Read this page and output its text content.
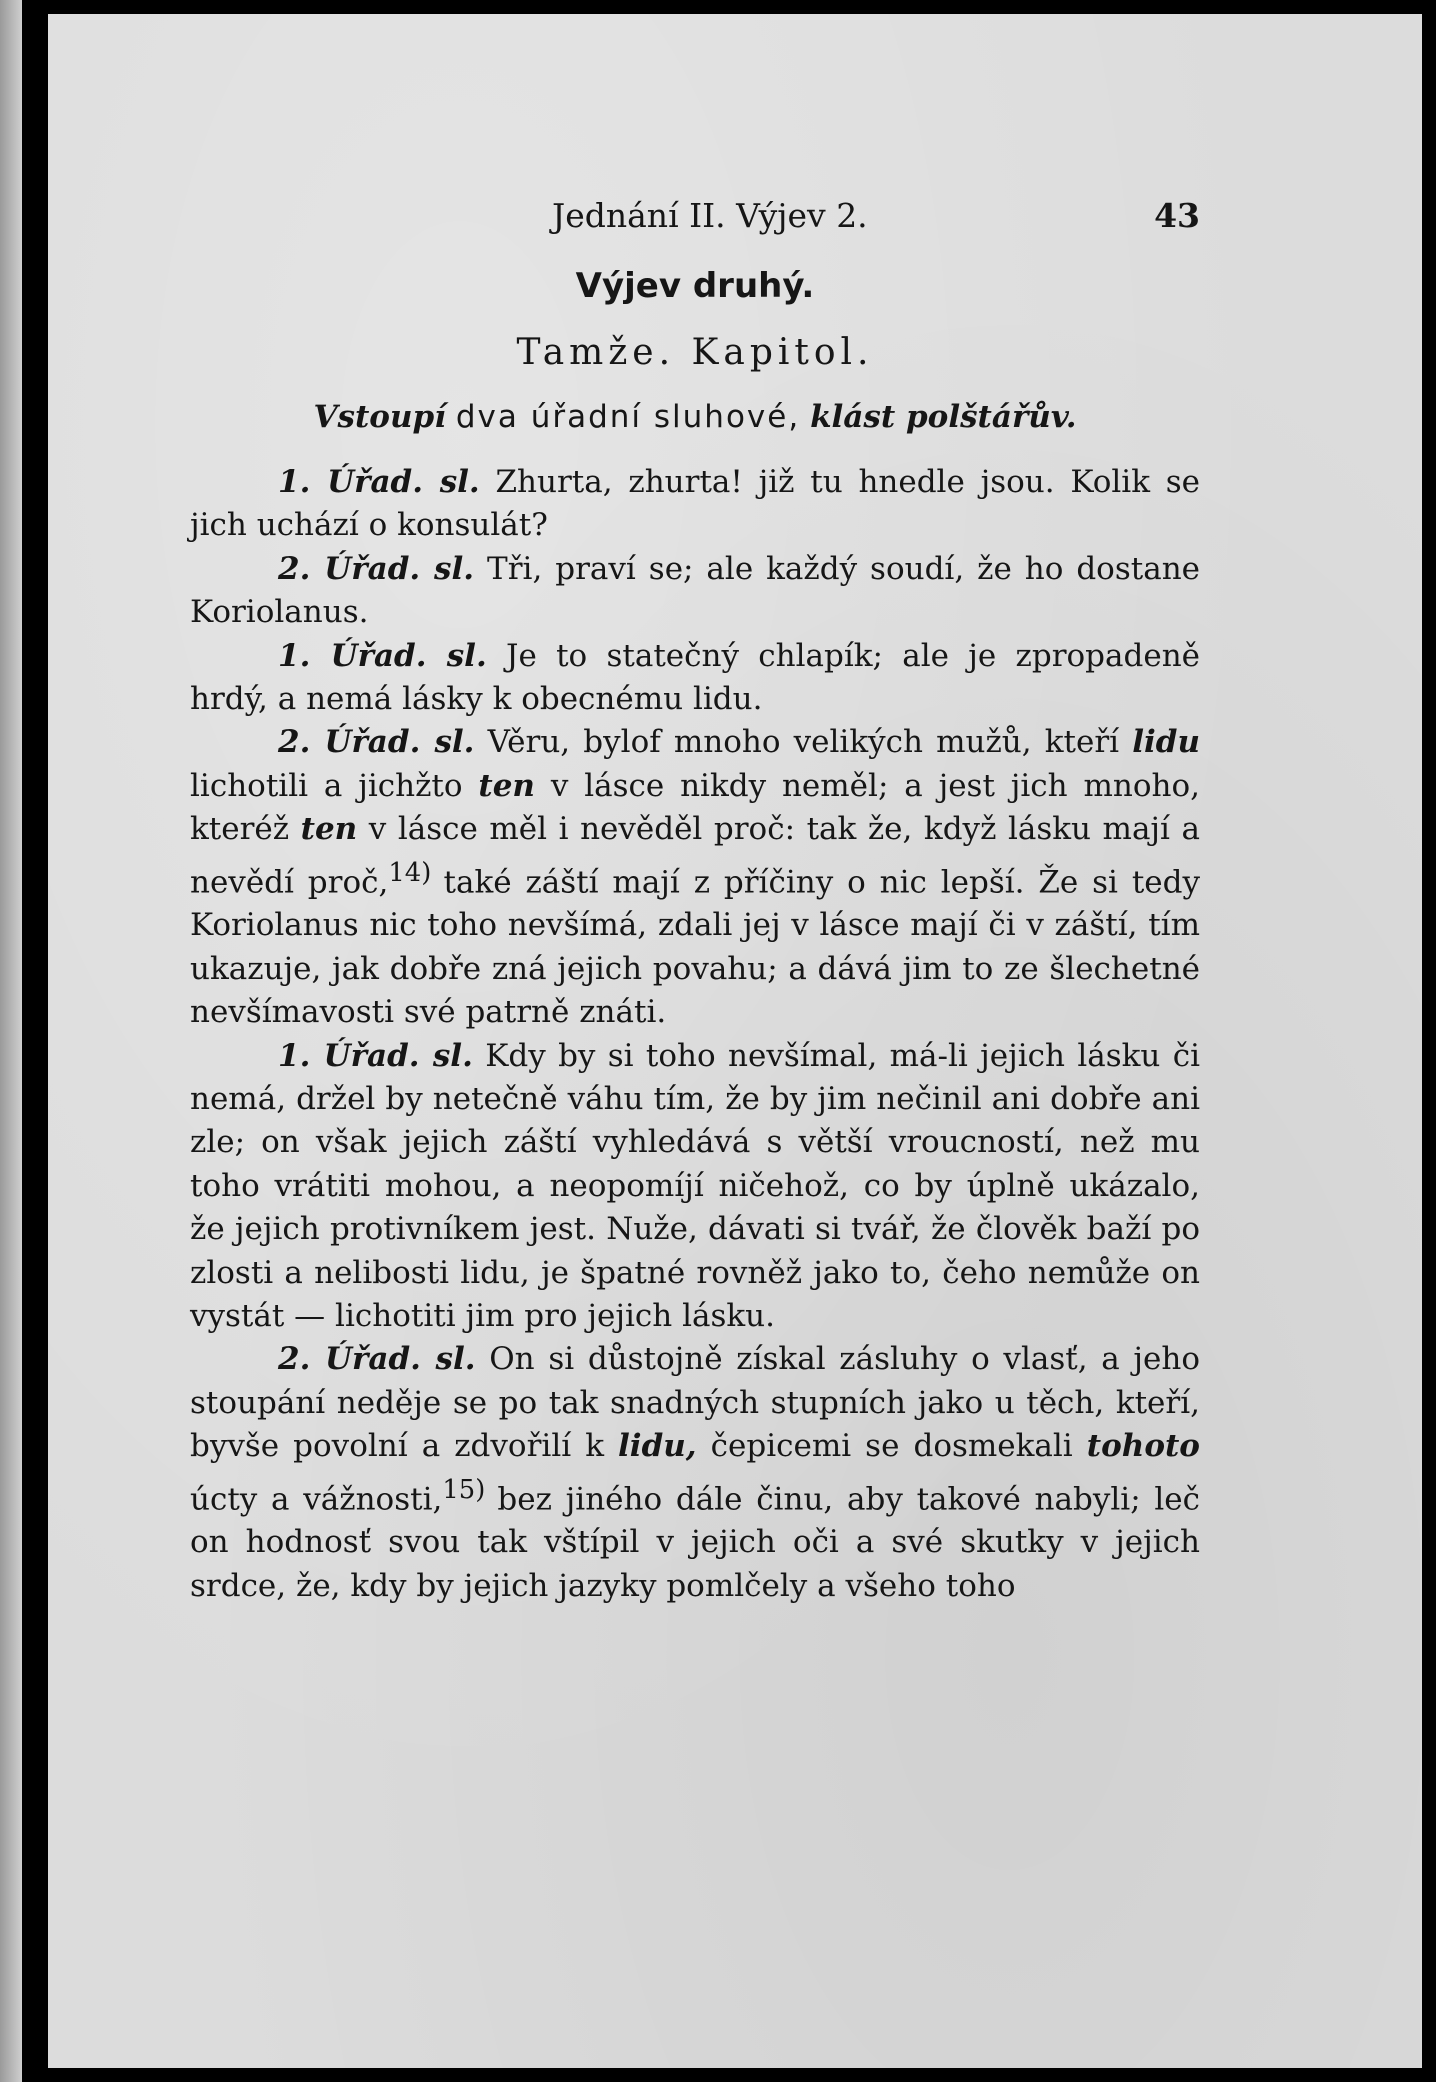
Jednání II. Výjev 2.	43
Výjev druhý.
Tamže. Kapitol.
Vstoupí dva úřadní sluhové, klást polštářův.

1. Úřad. sl. Zhurta, zhurta! již tu hnedle jsou. Kolik se jich uchází o konsulát?

2. Úřad. sl. Tři, praví se; ale každý soudí, že ho dostane Koriolanus.

1. Úřad. sl. Je to statečný chlapík; ale je zpropadeně hrdý, a nemá lásky k obecnému lidu.

2. Úřad. sl. Věru, bylof mnoho velikých mužů, kteří lidu lichotili a jichžto ten v lásce nikdy neměl; a jest jich mnoho, kteréž ten v lásce měl i nevěděl proč: tak že, když lásku mají a nevědí proč,$^{14)}$ také záští mají z příčiny o nic lepší. Že si tedy Koriolanus nic toho nevšímá, zdali jej v lásce mají či v záští, tím ukazuje, jak dobře zná jejich povahu; a dává jim to ze šlechetné nevšímavosti své patrně znáti.

1. Úřad. sl. Kdy by si toho nevšímal, má-li jejich lásku či nemá, držel by netečně váhu tím, že by jim nečinil ani dobře ani zle; on však jejich záští vyhledává s větší vroucností, než mu toho vrátiti mohou, a neopomíjí ničehož, co by úplně ukázalo, že jejich protivníkem jest. Nuže, dávati si tvář, že člověk baží po zlosti a nelibosti lidu, je špatné rovněž jako to, čeho nemůže on vystát — lichotiti jim pro jejich lásku.

2. Úřad. sl. On si důstojně získal zásluhy o vlasť, a jeho stoupání neděje se po tak snadných stupních jako u těch, kteří, byvše povolní a zdvořilí k lidu, čepicemi se dosmekali tohoto úcty a vážnosti,$^{15)}$ bez jiného dále činu, aby takové nabyli; leč on hodnosť svou tak vštípil v jejich oči a své skutky v jejich srdce, že, kdy by jejich jazyky pomlčely a všeho toho
